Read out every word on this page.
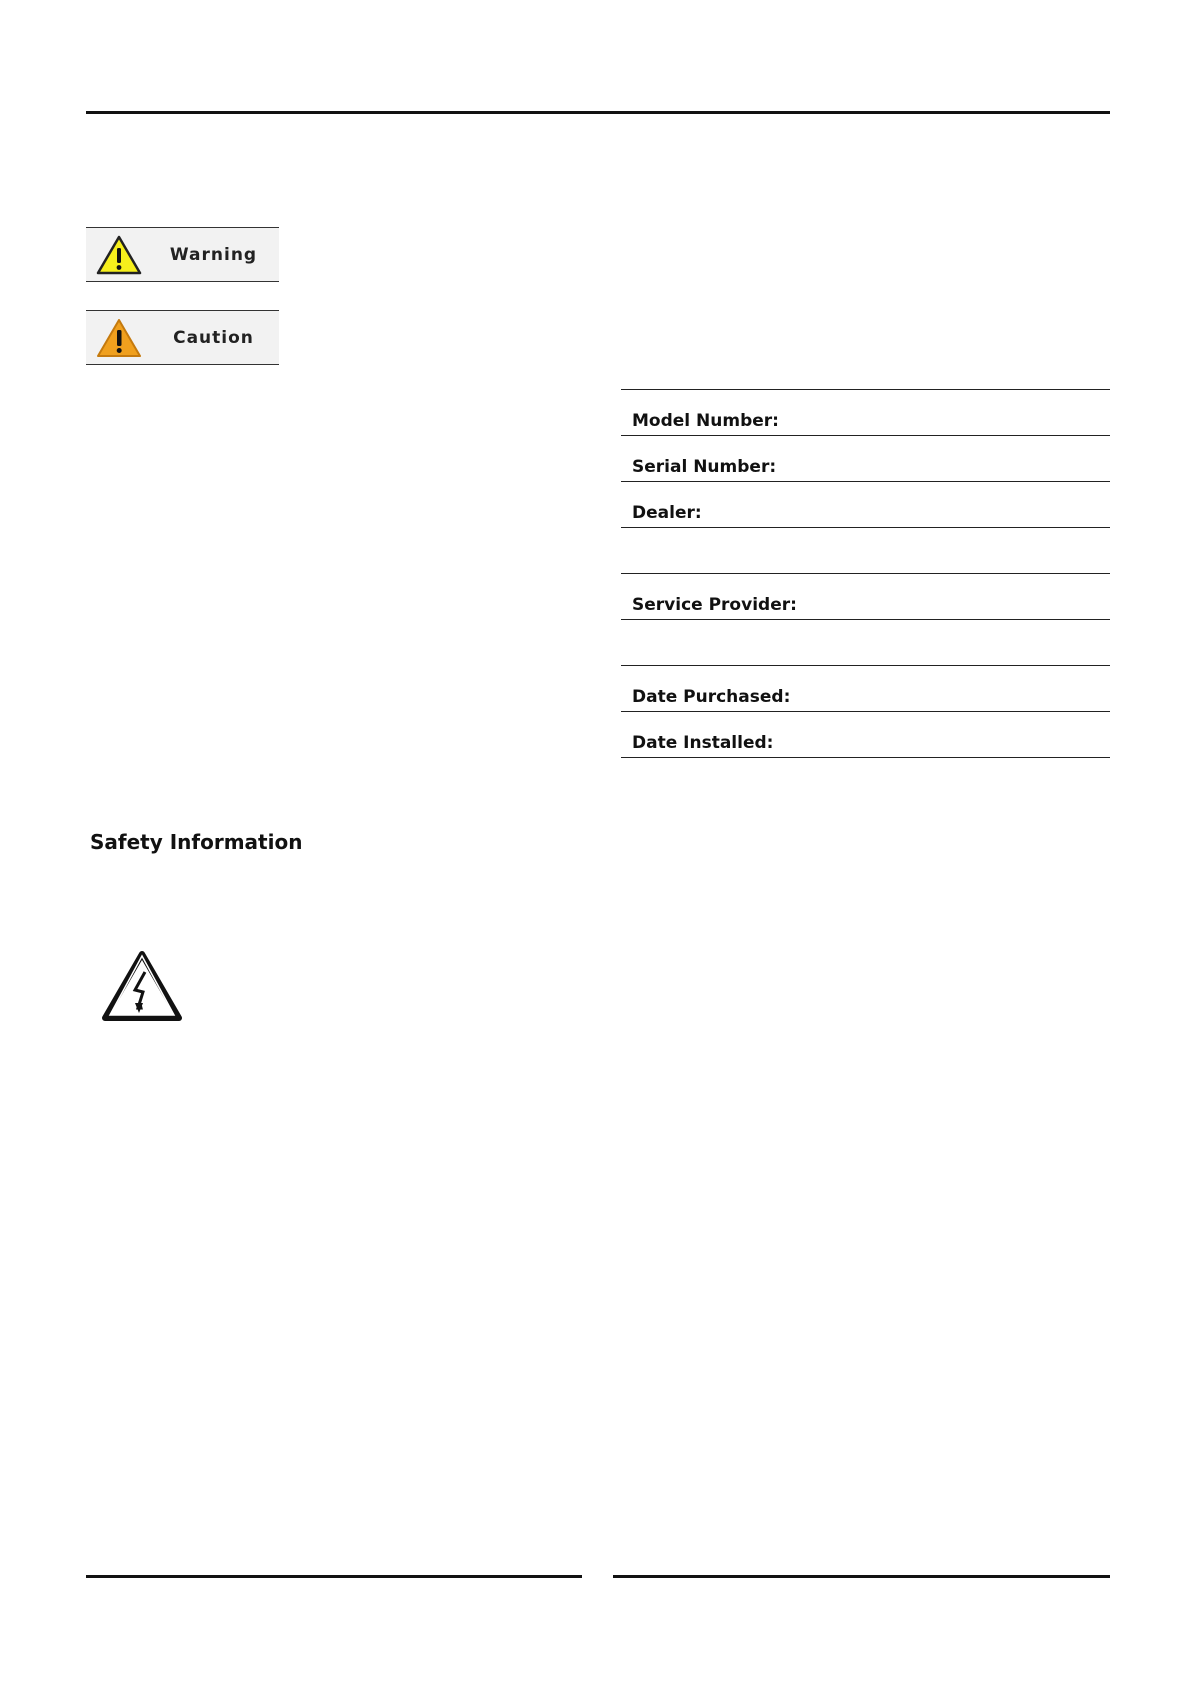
Warning
Caution
Model Number:
Serial Number:
Dealer:
Service Provider:
Date Purchased:
Date Installed:
Safety Information
